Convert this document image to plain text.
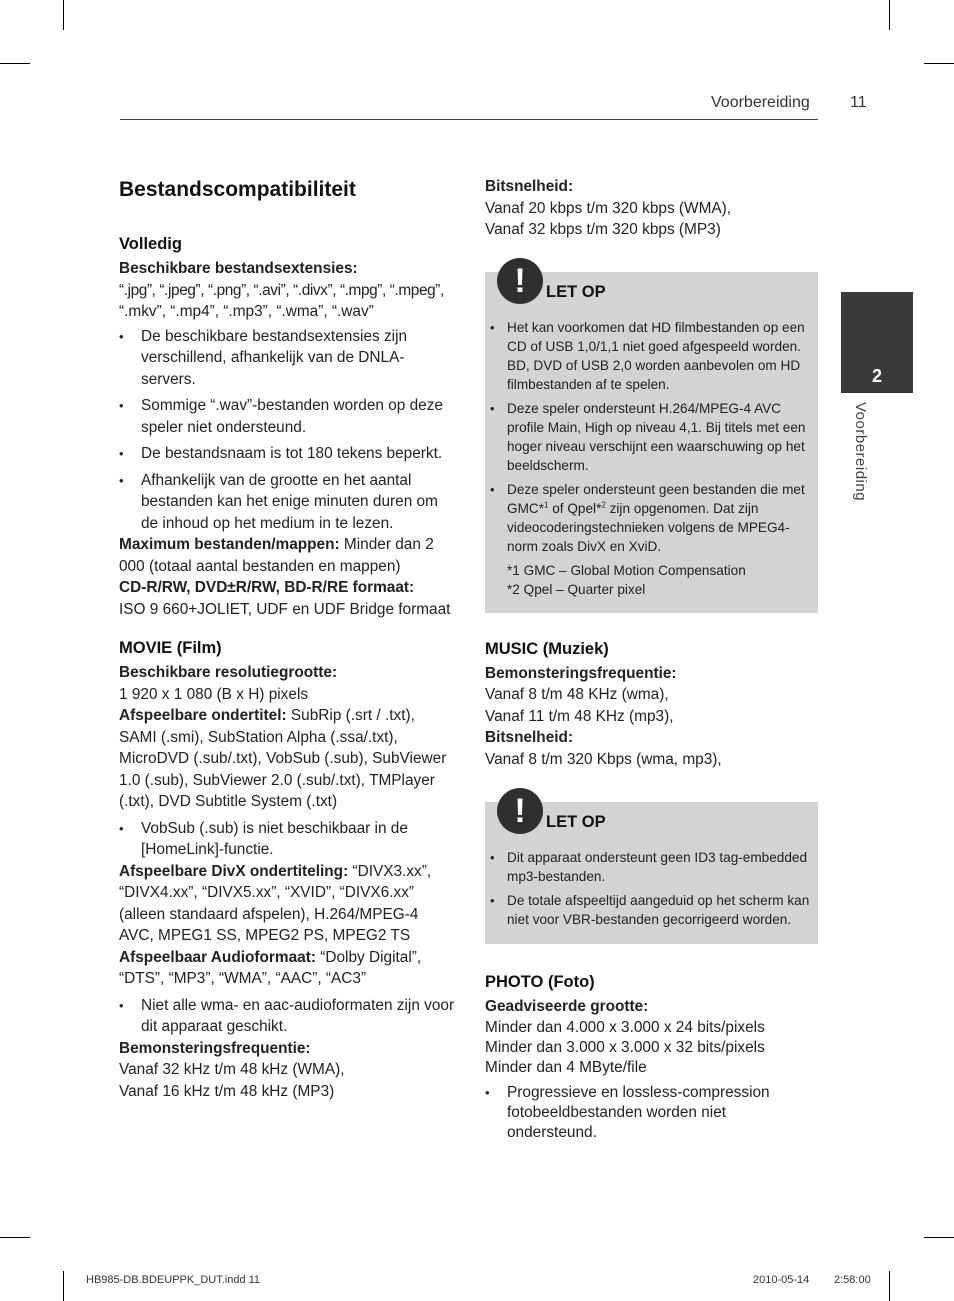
Voorbereiding	11
2
Voorbereiding
Bestandscompatibiliteit
Volledig

Beschikbare bestandsextensies:

“.jpg”, “.jpeg”, “.png”, “.avi”, “.divx”, “.mpg”, “.mpeg”,

“.mkv”, “.mp4”, “.mp3”, “.wma”, “.wav”

• De beschikbare bestandsextensies zijn verschillend, afhankelijk van de DNLA-servers.
• Sommige “.wav”-bestanden worden op deze speler niet ondersteund.
• De bestandsnaam is tot 180 tekens beperkt.
• Afhankelijk van de grootte en het aantal bestanden kan het enige minuten duren om de inhoud op het medium in te lezen.

Maximum bestanden/mappen: Minder dan 2 000 (totaal aantal bestanden en mappen)

CD-R/RW, DVD±R/RW, BD-R/RE formaat:

ISO 9 660+JOLIET, UDF en UDF Bridge formaat

MOVIE (Film)

Beschikbare resolutiegrootte:

1 920 x 1 080 (B x H) pixels

Afspeelbare ondertitel: SubRip (.srt / .txt), SAMI (.smi), SubStation Alpha (.ssa/.txt), MicroDVD (.sub/.txt), VobSub (.sub), SubViewer 1.0 (.sub), SubViewer 2.0 (.sub/.txt), TMPlayer (.txt), DVD Subtitle System (.txt)

• VobSub (.sub) is niet beschikbaar in de [HomeLink]-functie.

Afspeelbare DivX ondertiteling: “DIVX3.xx”, “DIVX4.xx”, “DIVX5.xx”, “XVID”, “DIVX6.xx” (alleen standaard afspelen), H.264/MPEG-4 AVC, MPEG1 SS, MPEG2 PS, MPEG2 TS

Afspeelbaar Audioformaat: “Dolby Digital”, “DTS”, “MP3”, “WMA”, “AAC”, “AC3”

• Niet alle wma- en aac-audioformaten zijn voor dit apparaat geschikt.

Bemonsteringsfrequentie:

Vanaf 32 kHz t/m 48 kHz (WMA),

Vanaf 16 kHz t/m 48 kHz (MP3)

Bitsnelheid:

Vanaf 20 kbps t/m 320 kbps (WMA),

Vanaf 32 kbps t/m 320 kbps (MP3)

!	LET OP
• Het kan voorkomen dat HD filmbestanden op een CD of USB 1,0/1,1 niet goed afgespeeld worden. BD, DVD of USB 2,0 worden aanbevolen om HD filmbestanden af te spelen.
• Deze speler ondersteunt H.264/MPEG-4 AVC profile Main, High op niveau 4,1. Bij titels met een hoger niveau verschijnt een waarschuwing op het beeldscherm.
• Deze speler ondersteunt geen bestanden die met GMC*$^1$ of Qpel*$^2$ zijn opgenomen. Dat zijn videocoderingstechnieken volgens de MPEG4-norm zoals DivX en XviD.

*1 GMC – Global Motion Compensation

*2 Qpel – Quarter pixel

MUSIC (Muziek)

Bemonsteringsfrequentie:

Vanaf 8 t/m 48 KHz (wma),

Vanaf 11 t/m 48 KHz (mp3),

Bitsnelheid:

Vanaf 8 t/m 320 Kbps (wma, mp3),

!	LET OP
• Dit apparaat ondersteunt geen ID3 tag-embedded mp3-bestanden.
• De totale afspeeltijd aangeduid op het scherm kan niet voor VBR-bestanden gecorrigeerd worden.
PHOTO (Foto)

Geadviseerde grootte:

Minder dan 4.000 x 3.000 x 24 bits/pixels

Minder dan 3.000 x 3.000 x 32 bits/pixels

Minder dan 4 MByte/file

• Progressieve en lossless-compression fotobeeldbestanden worden niet ondersteund.
HB985-DB.BDEUPPK_DUT.indd 11	2010-05-14 2:58:00
